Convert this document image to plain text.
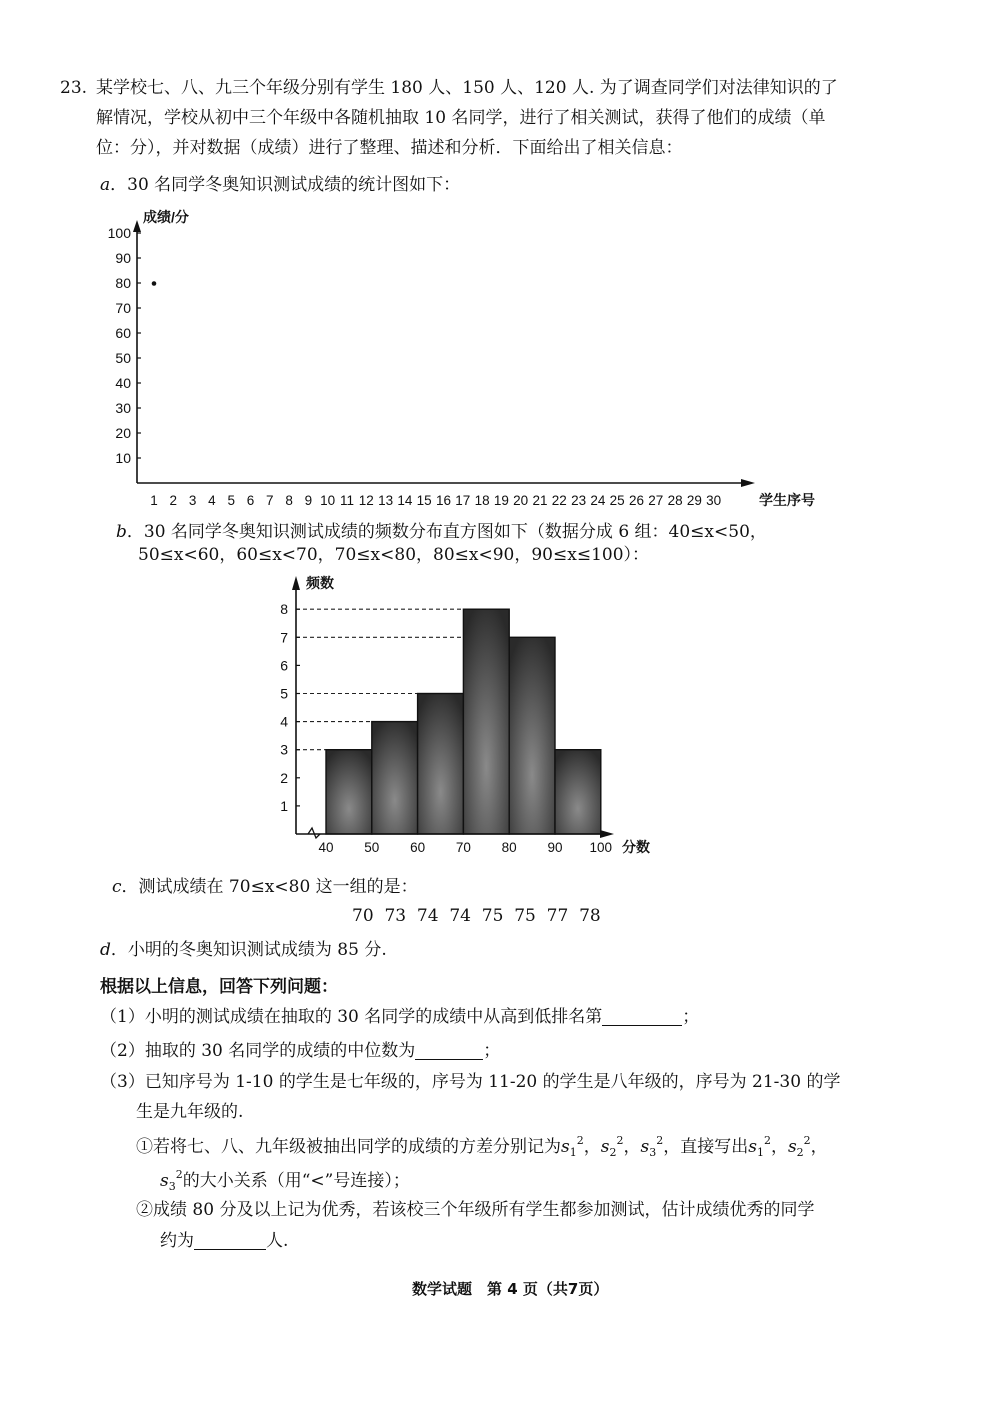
23. 某学校七、八、九三个年级分别有学生 180 人、150 人、120 人. 为了调查同学们对法律知识的了
解情况，学校从初中三个年级中各随机抽取 10 名同学，进行了相关测试，获得了他们的成绩（单
位：分），并对数据（成绩）进行了整理、描述和分析．下面给出了相关信息：
a．30 名同学冬奥知识测试成绩的统计图如下：
10
20
30
40
50
60
70
80
90
100
1 2 3 4 5 6 7 8 9 10 11 12 13 14 15 16 17 18 19 20 21 22 23 24 25 26 27 28 29 30
成绩/分
学生序号
b．30 名同学冬奥知识测试成绩的频数分布直方图如下（数据分成 6 组：40≤x<50，
50≤x<60，60≤x<70，70≤x<80，80≤x<90，90≤x≤100）：
1
2
3
4
5
6
7
8
40 50 60 70 80 90 100
频数
分数
c．测试成绩在 70≤x<80 这一组的是：
70  73  74  74  75  75  77  78
d．小明的冬奥知识测试成绩为 85 分.
根据以上信息，回答下列问题：
（1）小明的测试成绩在抽取的 30 名同学的成绩中从高到低排名第	；
（2）抽取的 30 名同学的成绩的中位数为	；
（3）已知序号为 1-10 的学生是七年级的，序号为 11-20 的学生是八年级的，序号为 21-30 的学
生是九年级的.
①若将七、八、九年级被抽出同学的成绩的方差分别记为$s_1^2$，$s_2^2$，$s_3^2$，直接写出$s_1^2$，$s_2^2$，
$s_3^2$的大小关系（用“<”号连接）；
②成绩 80 分及以上记为优秀，若该校三个年级所有学生都参加测试，估计成绩优秀的同学
约为	人.
数学试题　第 4 页（共7页）
